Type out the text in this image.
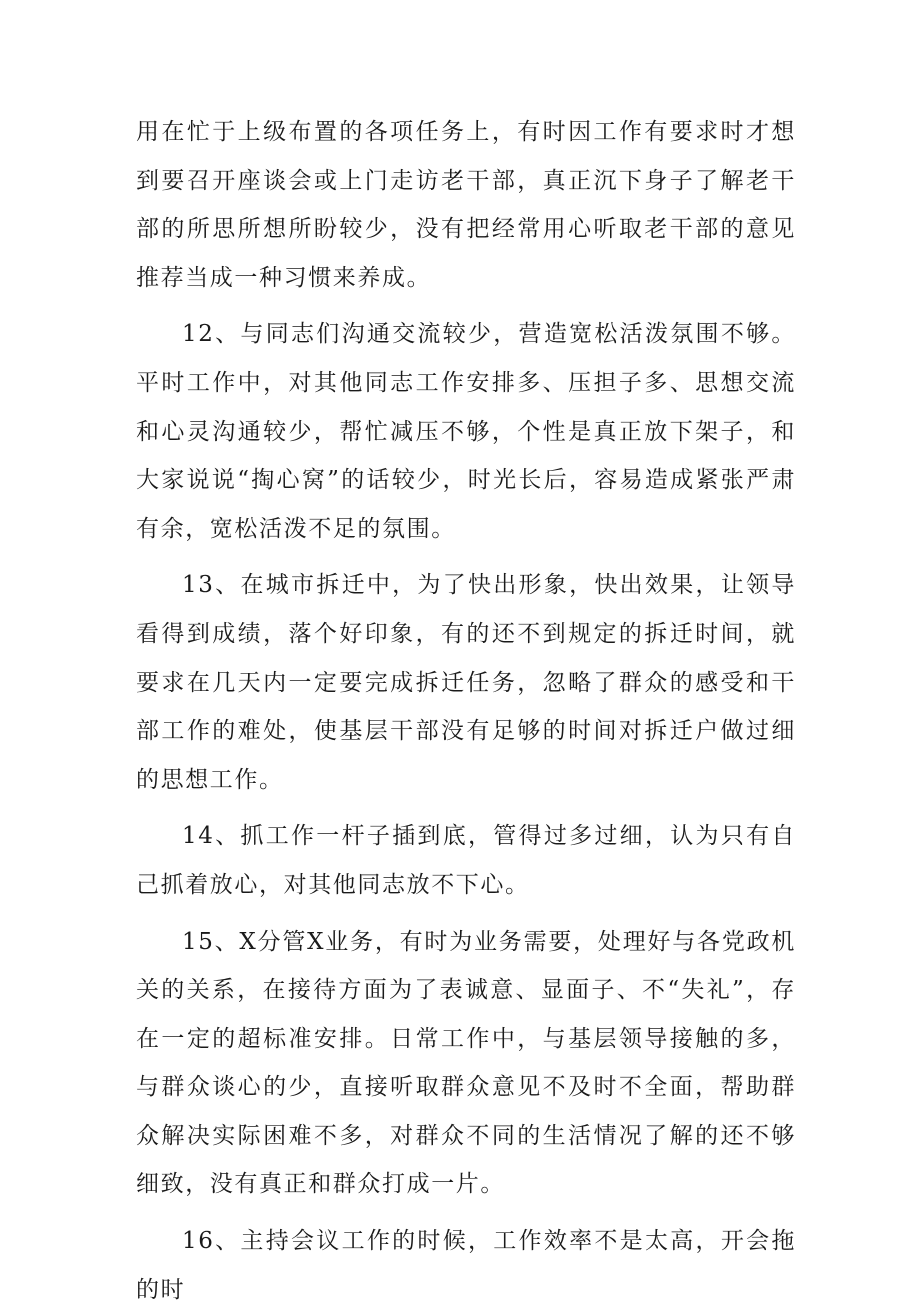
用在忙于上级布置的各项任务上，有时因工作有要求时才想到要召开座谈会或上门走访老干部，真正沉下身子了解老干部的所思所想所盼较少，没有把经常用心听取老干部的意见推荐当成一种习惯来养成。

12、与同志们沟通交流较少，营造宽松活泼氛围不够。平时工作中，对其他同志工作安排多、压担子多、思想交流和心灵沟通较少，帮忙减压不够，个性是真正放下架子，和大家说说“掏心窝”的话较少，时光长后，容易造成紧张严肃有余，宽松活泼不足的氛围。

13、在城市拆迁中，为了快出形象，快出效果，让领导看得到成绩，落个好印象，有的还不到规定的拆迁时间，就要求在几天内一定要完成拆迁任务，忽略了群众的感受和干部工作的难处，使基层干部没有足够的时间对拆迁户做过细的思想工作。

14、抓工作一杆子插到底，管得过多过细，认为只有自己抓着放心，对其他同志放不下心。

15、X分管X业务，有时为业务需要，处理好与各党政机关的关系，在接待方面为了表诚意、显面子、不“失礼”，存在一定的超标准安排。日常工作中，与基层领导接触的多，与群众谈心的少，直接听取群众意见不及时不全面，帮助群众解决实际困难不多，对群众不同的生活情况了解的还不够细致，没有真正和群众打成一片。

16、主持会议工作的时候，工作效率不是太高，开会拖的时
